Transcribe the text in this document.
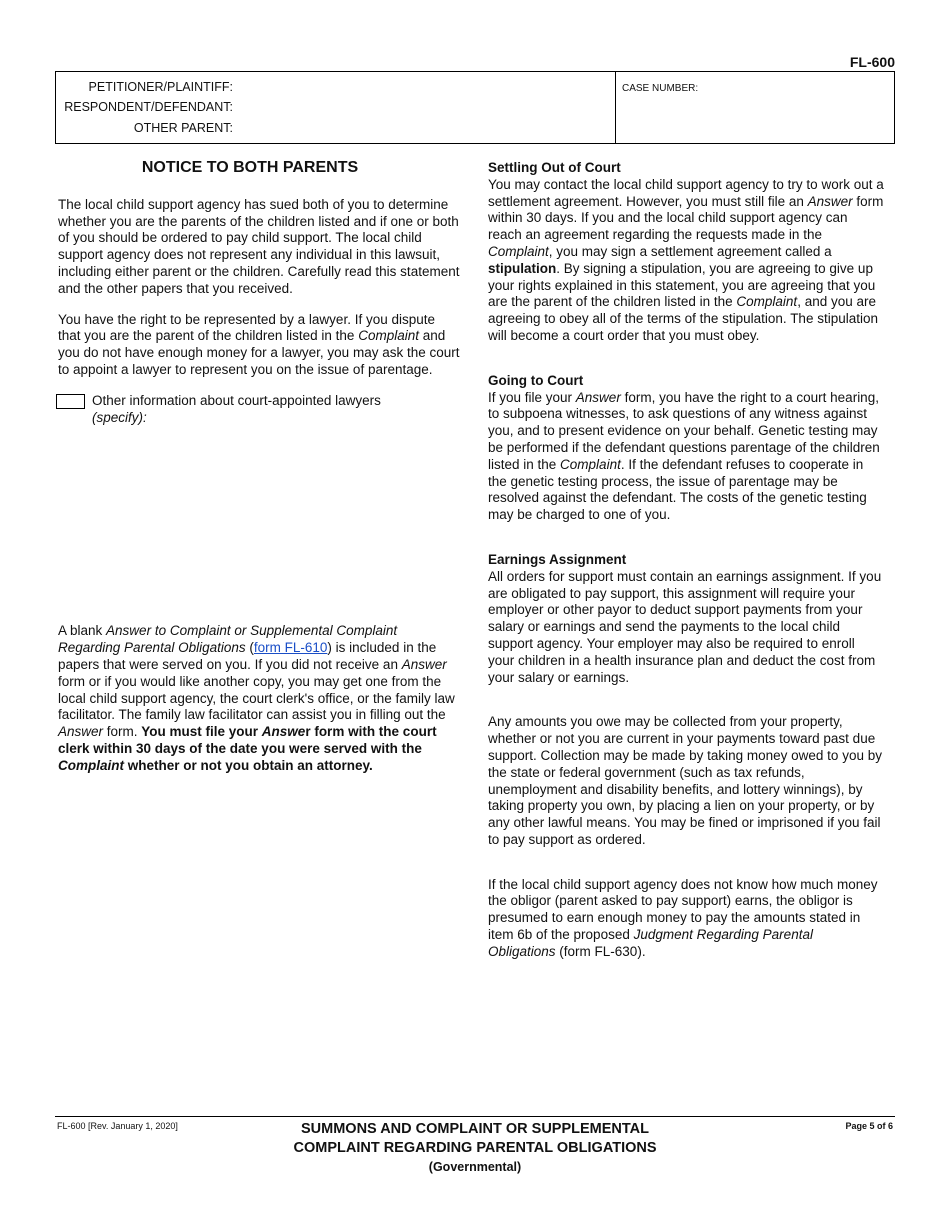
FL-600
PETITIONER/PLAINTIFF:
RESPONDENT/DEFENDANT:
OTHER PARENT:
CASE NUMBER:
NOTICE TO BOTH PARENTS

The local child support agency has sued both of you to determine whether you are the parents of the children listed and if one or both of you should be ordered to pay child support. The local child support agency does not represent any individual in this lawsuit, including either parent or the children. Carefully read this statement and the other papers that you received.

You have the right to be represented by a lawyer. If you dispute that you are the parent of the children listed in the Complaint and you do not have enough money for a lawyer, you may ask the court to appoint a lawyer to represent you on the issue of parentage.

Other information about court-appointed lawyers
(specify):

A blank Answer to Complaint or Supplemental Complaint Regarding Parental Obligations (form FL-610) is included in the papers that were served on you. If you did not receive an Answer form or if you would like another copy, you may get one from the local child support agency, the court clerk's office, or the family law facilitator. The family law facilitator can assist you in filling out the Answer form. You must file your Answer form with the court clerk within 30 days of the date you were served with the Complaint whether or not you obtain an attorney.

Settling Out of Court

You may contact the local child support agency to try to work out a settlement agreement. However, you must still file an Answer form within 30 days. If you and the local child support agency can reach an agreement regarding the requests made in the Complaint, you may sign a settlement agreement called a stipulation. By signing a stipulation, you are agreeing to give up your rights explained in this statement, you are agreeing that you are the parent of the children listed in the Complaint, and you are agreeing to obey all of the terms of the stipulation. The stipulation will become a court order that you must obey.

Going to Court

If you file your Answer form, you have the right to a court hearing, to subpoena witnesses, to ask questions of any witness against you, and to present evidence on your behalf. Genetic testing may be performed if the defendant questions parentage of the children listed in the Complaint. If the defendant refuses to cooperate in the genetic testing process, the issue of parentage may be resolved against the defendant. The costs of the genetic testing may be charged to one of you.

Earnings Assignment

All orders for support must contain an earnings assignment. If you are obligated to pay support, this assignment will require your employer or other payor to deduct support payments from your salary or earnings and send the payments to the local child support agency. Your employer may also be required to enroll your children in a health insurance plan and deduct the cost from your salary or earnings.

Any amounts you owe may be collected from your property, whether or not you are current in your payments toward past due support. Collection may be made by taking money owed to you by the state or federal government (such as tax refunds, unemployment and disability benefits, and lottery winnings), by taking property you own, by placing a lien on your property, or by any other lawful means. You may be fined or imprisoned if you fail to pay support as ordered.

If the local child support agency does not know how much money the obligor (parent asked to pay support) earns, the obligor is presumed to earn enough money to pay the amounts stated in item 6b of the proposed Judgment Regarding Parental Obligations (form FL-630).

FL-600 [Rev. January 1, 2020]	SUMMONS AND COMPLAINT OR SUPPLEMENTAL
COMPLAINT REGARDING PARENTAL OBLIGATIONS
(Governmental)
Page 5 of 6
